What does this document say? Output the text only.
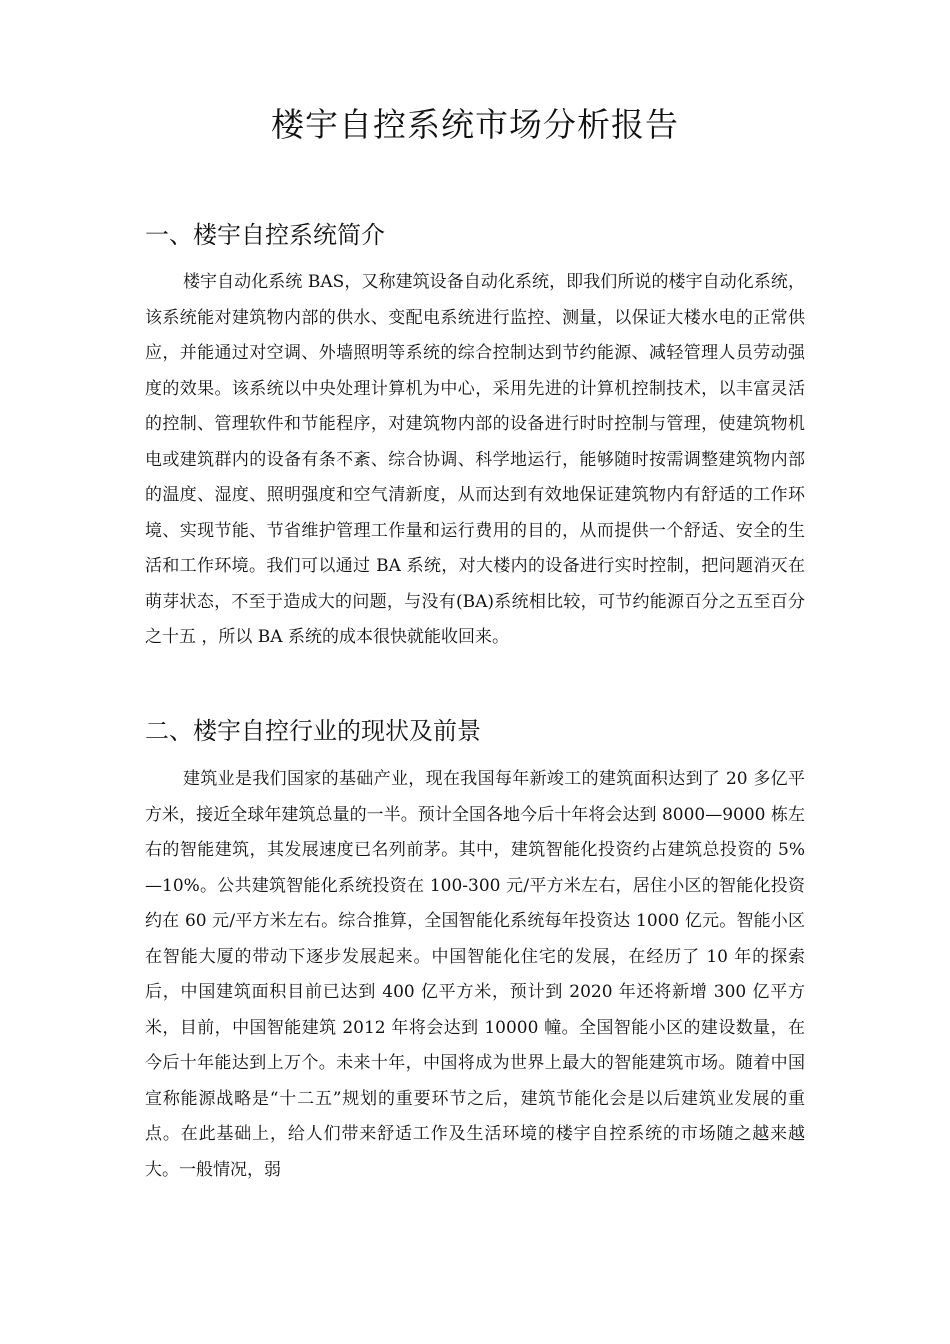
楼宇自控系统市场分析报告
一、楼宇自控系统简介

楼宇自动化系统 BAS，又称建筑设备自动化系统，即我们所说的楼宇自动化系统，该系统能对建筑物内部的供水、变配电系统进行监控、测量，以保证大楼水电的正常供应，并能通过对空调、外墙照明等系统的综合控制达到节约能源、减轻管理人员劳动强度的效果。该系统以中央处理计算机为中心，采用先进的计算机控制技术，以丰富灵活的控制、管理软件和节能程序，对建筑物内部的设备进行时时控制与管理，使建筑物机电或建筑群内的设备有条不紊、综合协调、科学地运行，能够随时按需调整建筑物内部的温度、湿度、照明强度和空气清新度，从而达到有效地保证建筑物内有舒适的工作环境、实现节能、节省维护管理工作量和运行费用的目的，从而提供一个舒适、安全的生活和工作环境。我们可以通过 BA 系统，对大楼内的设备进行实时控制，把问题消灭在萌芽状态，不至于造成大的问题，与没有(BA)系统相比较，可节约能源百分之五至百分之十五 ，所以 BA 系统的成本很快就能收回来。

二、楼宇自控行业的现状及前景

建筑业是我们国家的基础产业，现在我国每年新竣工的建筑面积达到了 20 多亿平方米，接近全球年建筑总量的一半。预计全国各地今后十年将会达到 8000—9000 栋左右的智能建筑，其发展速度已名列前茅。其中，建筑智能化投资约占建筑总投资的 5%—10%。公共建筑智能化系统投资在 100-300 元/平方米左右，居住小区的智能化投资约在 60 元/平方米左右。综合推算，全国智能化系统每年投资达 1000 亿元。智能小区在智能大厦的带动下逐步发展起来。中国智能化住宅的发展，在经历了 10 年的探索后，中国建筑面积目前已达到 400 亿平方米，预计到 2020 年还将新增 300 亿平方米，目前，中国智能建筑 2012 年将会达到 10000 幢。全国智能小区的建设数量，在今后十年能达到上万个。未来十年，中国将成为世界上最大的智能建筑市场。随着中国宣称能源战略是“十二五”规划的重要环节之后，建筑节能化会是以后建筑业发展的重点。在此基础上，给人们带来舒适工作及生活环境的楼宇自控系统的市场随之越来越大。一般情况，弱
